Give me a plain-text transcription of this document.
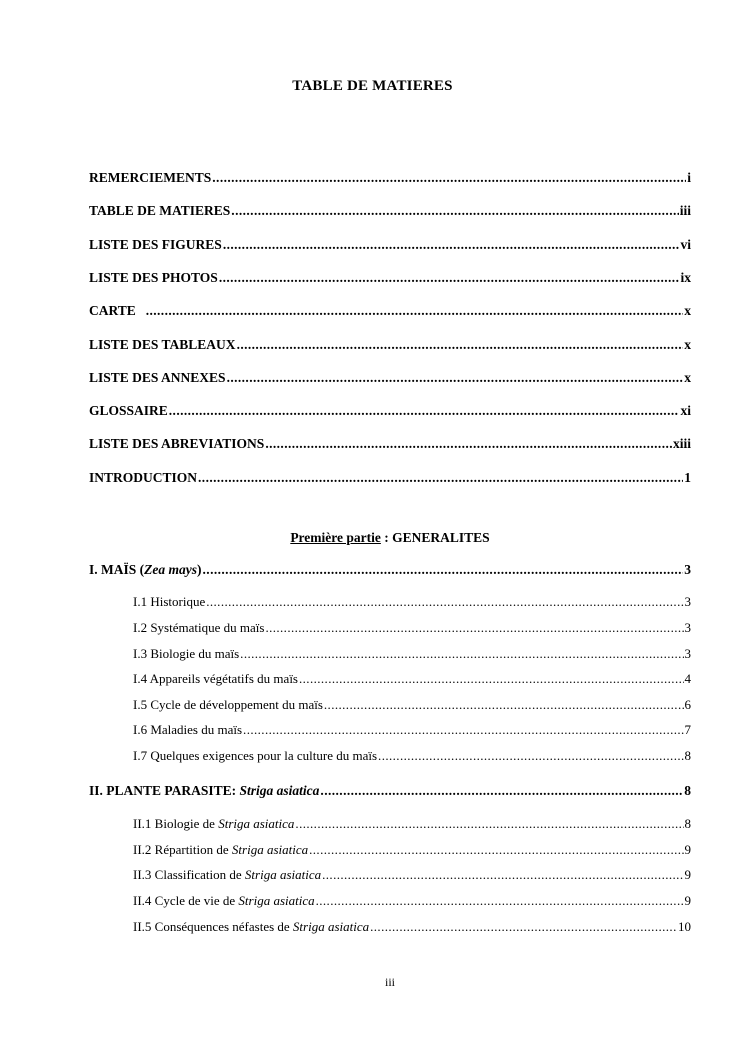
TABLE DE MATIERES
REMERCIEMENTS .....	i
TABLE DE MATIERES .....	iii
LISTE DES FIGURES .....	vi
LISTE DES PHOTOS .....	ix
CARTE .....	x
LISTE DES TABLEAUX .....	x
LISTE DES ANNEXES .....	x
GLOSSAIRE .....	xi
LISTE DES ABREVIATIONS .....	xiii
INTRODUCTION .....	1
Première partie : GENERALITES
I. MAÏS (Zea mays) .....	3
I.1 Historique .....	3
I.2 Systématique du maïs .....	3
I.3 Biologie du maïs .....	3
I.4 Appareils végétatifs du maïs .....	4
I.5 Cycle de développement du maïs .....	6
I.6 Maladies du maïs .....	7
I.7 Quelques exigences pour la culture du maïs .....	8
II. PLANTE PARASITE: Striga asiatica .....	8
II.1 Biologie de Striga asiatica .....	8
II.2 Répartition de Striga asiatica .....	9
II.3 Classification de Striga asiatica .....	9
II.4 Cycle de vie de Striga asiatica .....	9
II.5 Conséquences néfastes de Striga asiatica .....	10
iii
